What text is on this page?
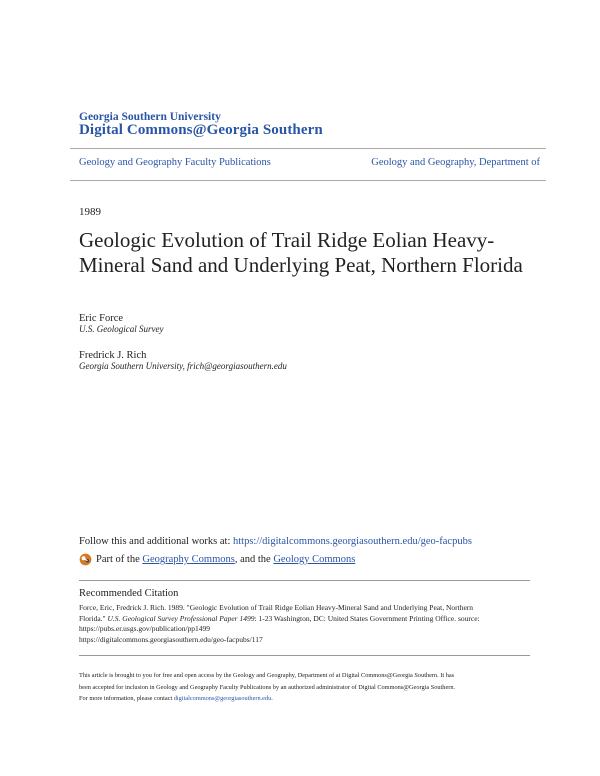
Georgia Southern University
Digital Commons@Georgia Southern
Geology and Geography Faculty Publications	Geology and Geography, Department of
1989
Geologic Evolution of Trail Ridge Eolian Heavy-Mineral Sand and Underlying Peat, Northern Florida
Eric Force
U.S. Geological Survey
Fredrick J. Rich
Georgia Southern University, frich@georgiasouthern.edu
Follow this and additional works at: https://digitalcommons.georgiasouthern.edu/geo-facpubs
Part of the
Geography Commons , and the
Geology Commons
Recommended Citation
Force, Eric, Fredrick J. Rich. 1989. "Geologic Evolution of Trail Ridge Eolian Heavy-Mineral Sand and Underlying Peat, Northern
Florida." U.S. Geological Survey Professional Paper 1499: 1-23 Washington, DC: United States Government Printing Office. source:
https://pubs.er.usgs.gov/publication/pp1499
https://digitalcommons.georgiasouthern.edu/geo-facpubs/117
This article is brought to you for free and open access by the Geology and Geography, Department of at Digital Commons@Georgia Southern. It has
been accepted for inclusion in Geology and Geography Faculty Publications by an authorized administrator of Digital Commons@Georgia Southern.
For more information, please contact digitalcommons@georgiasouthern.edu.
